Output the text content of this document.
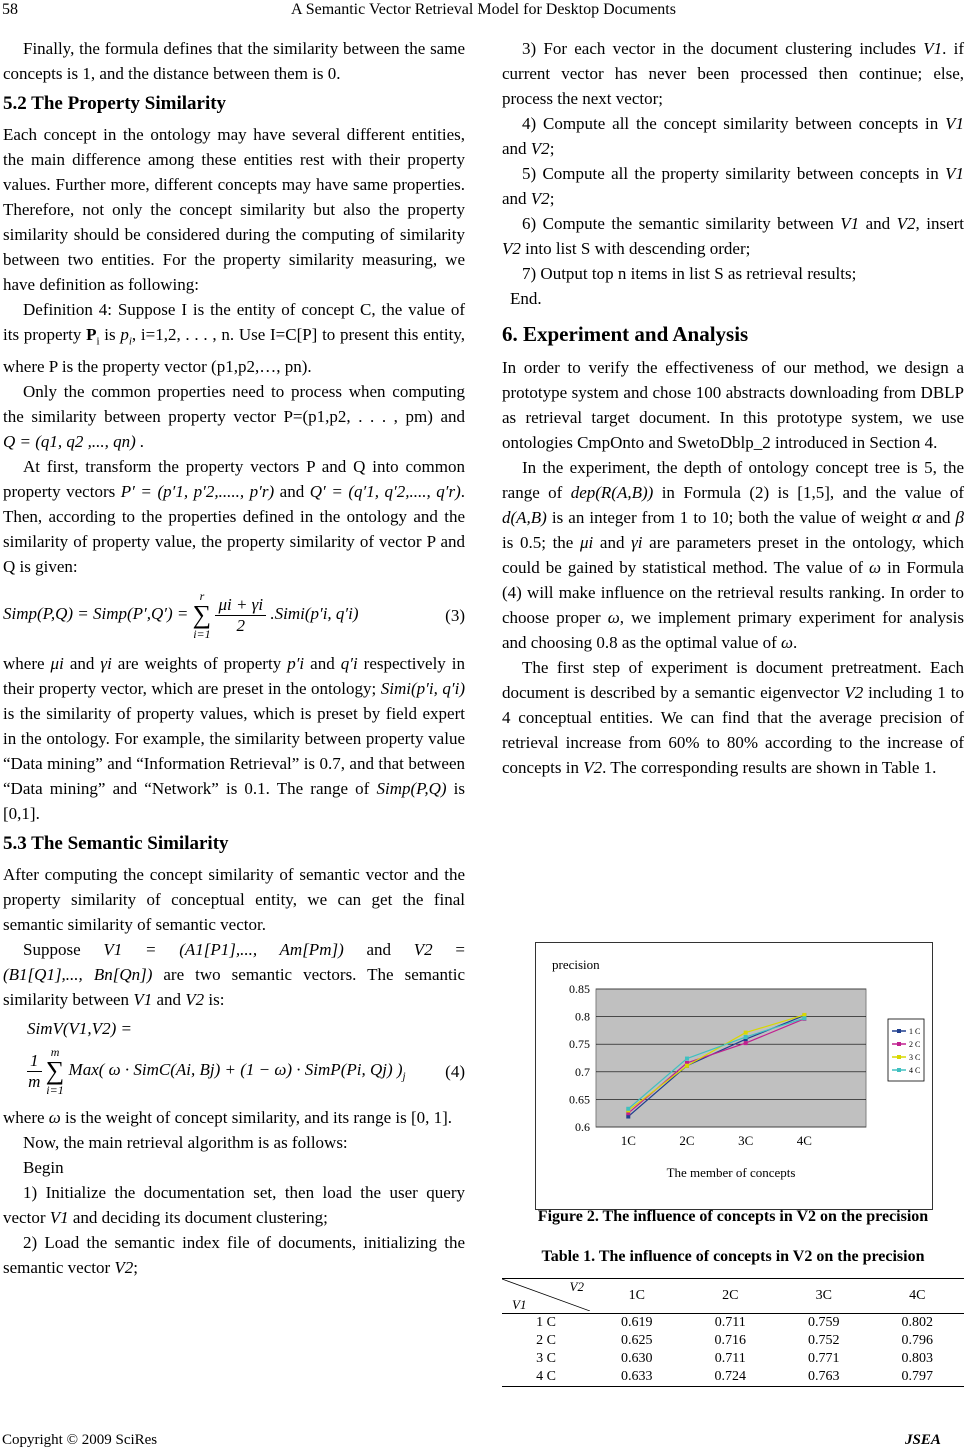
58	A Semantic Vector Retrieval Model for Desktop Documents

Finally, the formula defines that the similarity between the same concepts is 1, and the distance between them is 0.

5.2 The Property Similarity

Each concept in the ontology may have several different entities, the main difference among these entities rest with their property values. Further more, different concepts may have same properties. Therefore, not only the concept similarity but also the property similarity should be considered during the computing of similarity between two entities. For the property similarity measuring, we have definition as following:

Definition 4: Suppose I is the entity of concept C, the value of its property $P_i$ is $p_i$, i=1,2, . . . , n. Use I=C[P] to present this entity, where P is the property vector (p1,p2,…, pn).

Only the common properties need to process when computing the similarity between property vector P=(p1,p2, . . . , pm) and Q = (q1, q2 ,..., qn) .

At first, transform the property vectors P and Q into common property vectors P′ = (p′1, p′2,....., p′r) and Q′ = (q′1, q′2,...., q′r). Then, according to the properties defined in the ontology and the similarity of property value, the property similarity of vector P and Q is given:

Simp(P,Q) = Simp(P′,Q′) =
r
∑
i=1
$\frac{\mu i + \gamma i}{2}$ .Simi(p′i, q′i)	(3)

where μi and γi are weights of property p′i and q′i respectively in their property vector, which are preset in the ontology; Simi(p′i, q′i) is the similarity of property values, which is preset by field expert in the ontology. For example, the similarity between property value “Data mining” and “Information Retrieval” is 0.7, and that between “Data mining” and “Network” is 0.1. The range of Simp(P,Q) is [0,1].

5.3 The Semantic Similarity

After computing the concept similarity of semantic vector and the property similarity of conceptual entity, we can get the final semantic similarity of semantic vector.

Suppose V1 = (A1[P1],..., Am[Pm]) and V2 = (B1[Q1],..., Bn[Qn]) are two semantic vectors. The semantic similarity between V1 and V2 is:

SimV(V1,V2) =
$\frac{1}{m}$
m
∑
i=1
Max( ω · SimC(Ai, Bj) + (1 − ω) · SimP(Pi, Qj) )$_j$ (4)

where ω is the weight of concept similarity, and its range is [0, 1].

Now, the main retrieval algorithm is as follows:

Begin

1) Initialize the documentation set, then load the user query vector V1 and deciding its document clustering;

2) Load the semantic index file of documents, initializing the semantic vector V2;

3) For each vector in the document clustering includes V1. if current vector has never been processed then continue; else, process the next vector;

4) Compute all the concept similarity between concepts in V1 and V2;

5) Compute all the property similarity between concepts in V1 and V2;

6) Compute the semantic similarity between V1 and V2, insert V2 into list S with descending order;

7) Output top n items in list S as retrieval results;

End.

6. Experiment and Analysis

In order to verify the effectiveness of our method, we design a prototype system and chose 100 abstracts downloading from DBLP as retrieval target document. In this prototype system, we use ontologies CmpOnto and SwetoDblp_2 introduced in Section 4.

In the experiment, the depth of ontology concept tree is 5, the range of dep(R(A,B)) in Formula (2) is [1,5], and the value of d(A,B) is an integer from 1 to 10; both the value of weight α and β is 0.5; the μi and γi are parameters preset in the ontology, which could be gained by statistical method. The value of ω in Formula (4) will make influence on the retrieval results ranking. In order to choose proper ω, we implement primary experiment for analysis and choosing 0.8 as the optimal value of ω.

The first step of experiment is document pretreatment. Each document is described by a semantic eigenvector V2 including 1 to 4 conceptual entities. We can find that the average precision of retrieval increase from 60% to 80% according to the increase of concepts in V2. The corresponding results are shown in Table 1.

precision
0.6
0.65
0.7
0.75
0.8
0.85
1C	2C	3C	4C
The member of concepts
1 C
2 C
3 C
4 C
Figure 2. The influence of concepts in V2 on the precision
Table 1. The influence of concepts in V2 on the precision
V2
V1	1C	2C	3C	4C
1 C	0.619	0.711	0.759	0.802
2 C	0.625	0.716	0.752	0.796
3 C	0.630	0.711	0.771	0.803
4 C	0.633	0.724	0.763	0.797
Copyright © 2009 SciRes	JSEA
